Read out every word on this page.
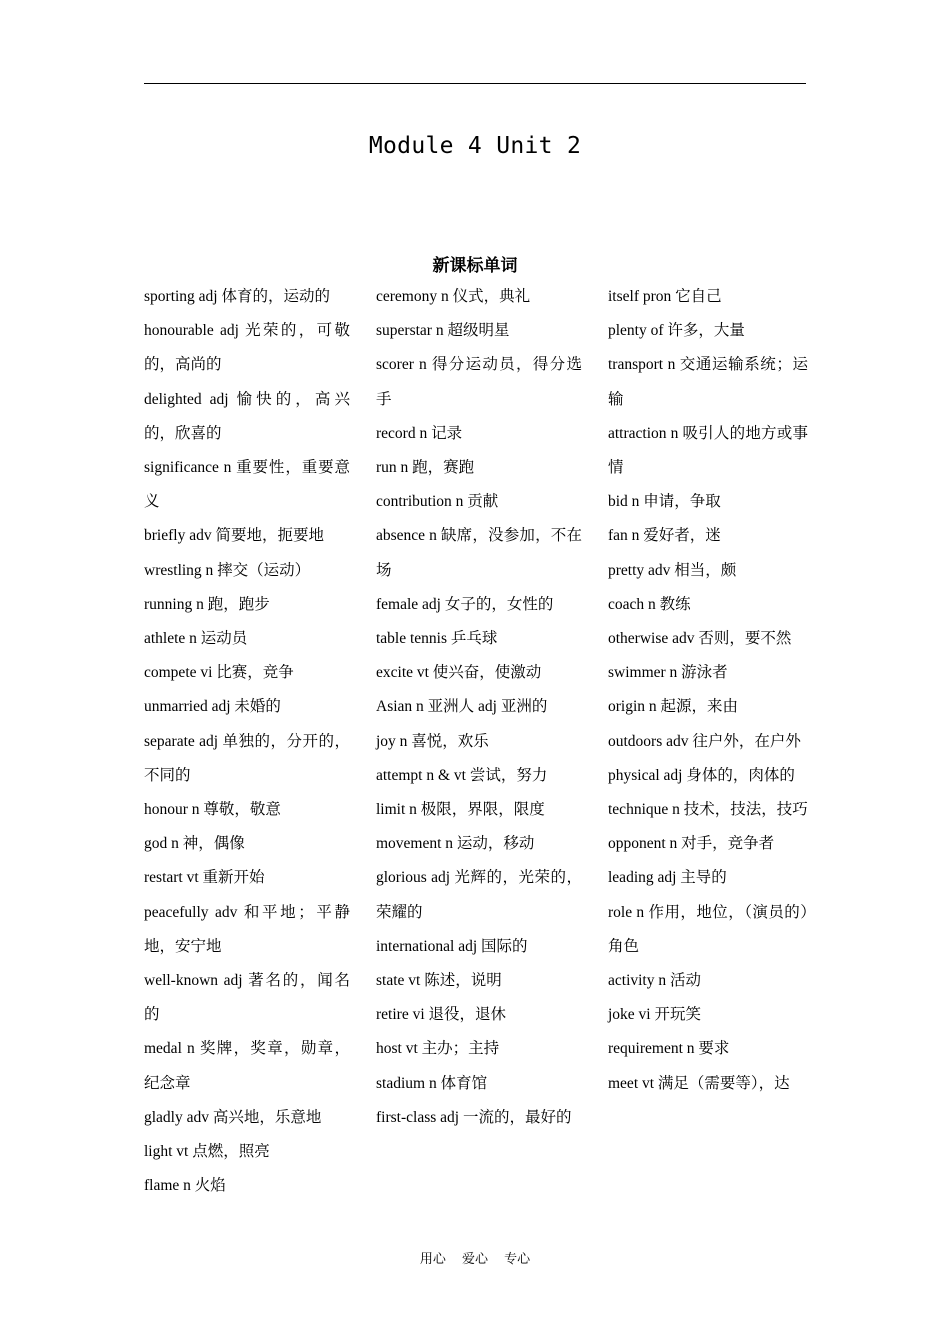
Module 4 Unit 2
新课标单词

sporting adj 体育的，运动的

honourable adj 光荣的，可敬的，高尚的

delighted adj 愉快的，高兴的，欣喜的

significance n 重要性，重要意义

briefly adv 简要地，扼要地

wrestling n 摔交（运动）

running n 跑，跑步

athlete n 运动员

compete vi 比赛，竞争

unmarried adj 未婚的

separate adj 单独的，分开的，不同的

honour n 尊敬，敬意

god n 神，偶像

restart vt 重新开始

peacefully adv 和平地；平静地，安宁地

well-known adj 著名的，闻名的

medal n 奖牌，奖章，勋章，纪念章

gladly adv 高兴地，乐意地

light vt 点燃，照亮

flame n 火焰

ceremony n 仪式，典礼

superstar n 超级明星

scorer n 得分运动员，得分选手

record n 记录

run n 跑，赛跑

contribution n 贡献

absence n 缺席，没参加，不在场

female adj 女子的，女性的

table tennis 乒乓球

excite vt 使兴奋，使激动

Asian n 亚洲人 adj 亚洲的

joy n 喜悦，欢乐

attempt n & vt 尝试，努力

limit n 极限，界限，限度

movement n 运动，移动

glorious adj 光辉的，光荣的，荣耀的

international adj 国际的

state vt 陈述，说明

retire vi 退役，退休

host vt 主办；主持

stadium n 体育馆

first-class adj 一流的，最好的

itself pron 它自己

plenty of 许多，大量

transport n 交通运输系统；运输

attraction n 吸引人的地方或事情

bid n 申请，争取

fan n 爱好者，迷

pretty adv 相当，颇

coach n 教练

otherwise adv 否则，要不然

swimmer n 游泳者

origin n 起源，来由

outdoors adv 往户外，在户外

physical adj 身体的，肉体的

technique n 技术，技法，技巧

opponent n 对手，竞争者

leading adj 主导的

role n 作用，地位，（演员的）角色

activity n 活动

joke vi 开玩笑

requirement n 要求

meet vt 满足（需要等），达

用心 爱心 专心
